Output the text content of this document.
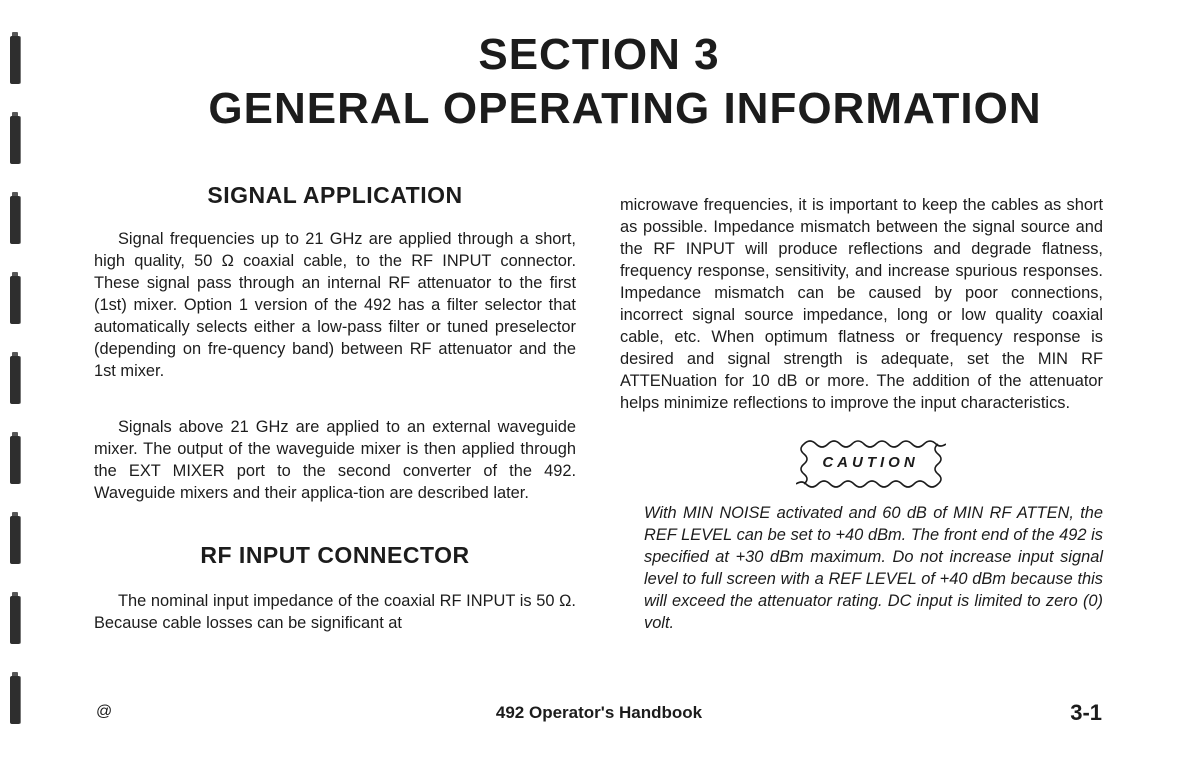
SECTION 3
GENERAL OPERATING INFORMATION
SIGNAL APPLICATION

Signal frequencies up to 21 GHz are applied through a short, high quality, 50 Ω coaxial cable, to the RF INPUT connector. These signal pass through an internal RF attenuator to the first (1st) mixer. Option 1 version of the 492 has a filter selector that automatically selects either a low-pass filter or tuned preselector (depending on fre-quency band) between RF attenuator and the 1st mixer.

Signals above 21 GHz are applied to an external waveguide mixer. The output of the waveguide mixer is then applied through the EXT MIXER port to the second converter of the 492. Waveguide mixers and their applica-tion are described later.

RF INPUT CONNECTOR

The nominal input impedance of the coaxial RF INPUT is 50 Ω. Because cable losses can be significant at

microwave frequencies, it is important to keep the cables as short as possible. Impedance mismatch between the signal source and the RF INPUT will produce reflections and degrade flatness, frequency response, sensitivity, and increase spurious responses. Impedance mismatch can be caused by poor connections, incorrect signal source impedance, long or low quality coaxial cable, etc. When optimum flatness or frequency response is desired and signal strength is adequate, set the MIN RF ATTENuation for 10 dB or more. The addition of the attenuator helps minimize reflections to improve the input characteristics.

CAUTION

With MIN NOISE activated and 60 dB of MIN RF ATTEN, the REF LEVEL can be set to +40 dBm. The front end of the 492 is specified at +30 dBm maximum. Do not increase input signal level to full screen with a REF LEVEL of +40 dBm because this will exceed the attenuator rating. DC input is limited to zero (0) volt.

@	492 Operator's Handbook	3-1
